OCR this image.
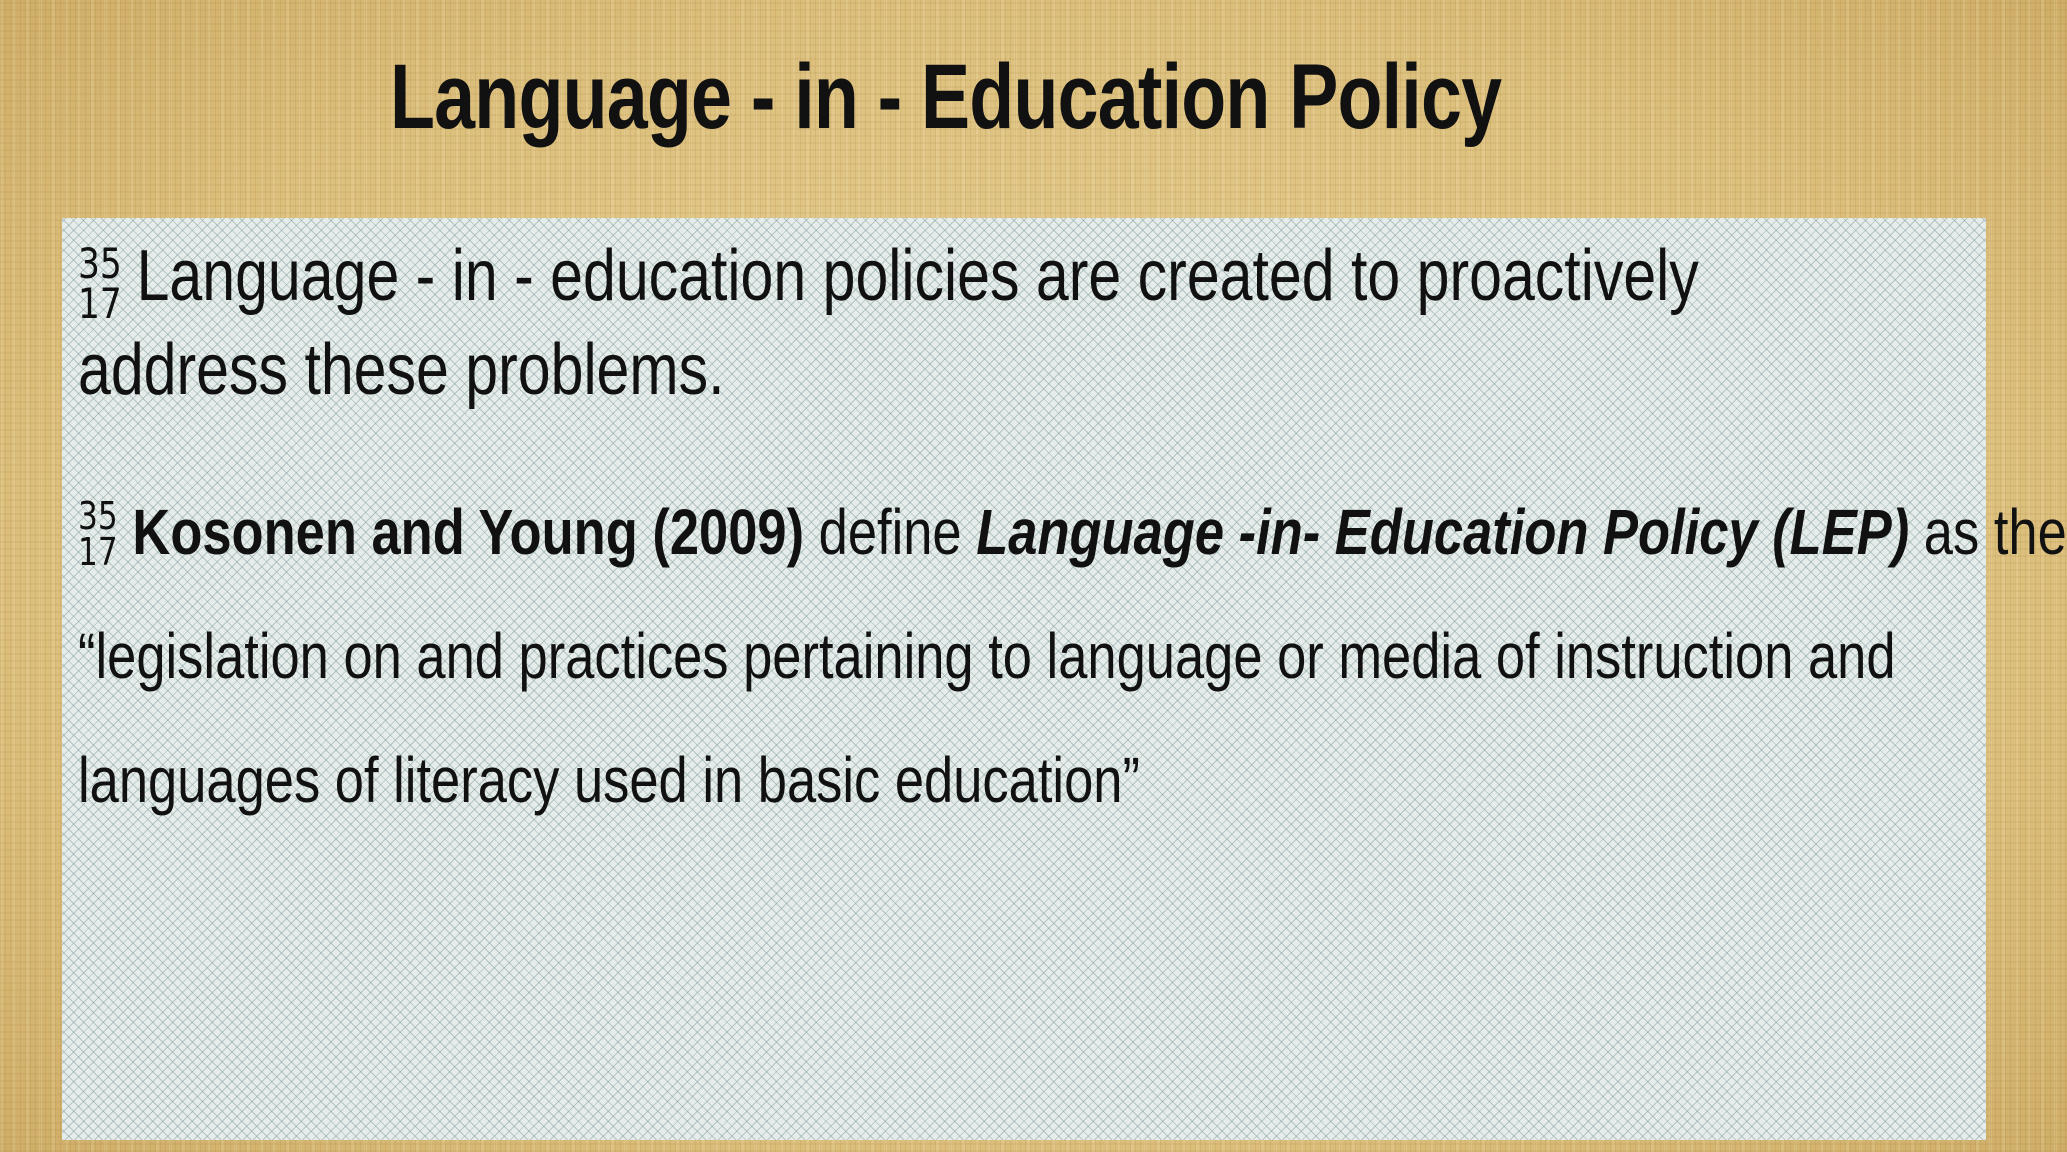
Language - in - Education Policy
35
17 Language - in - education policies are created to proactively
address these problems.
35
17 Kosonen and Young (2009) define Language -in- Education Policy (LEP) as the
“legislation on and practices pertaining to language or media of instruction and
languages of literacy used in basic education”
